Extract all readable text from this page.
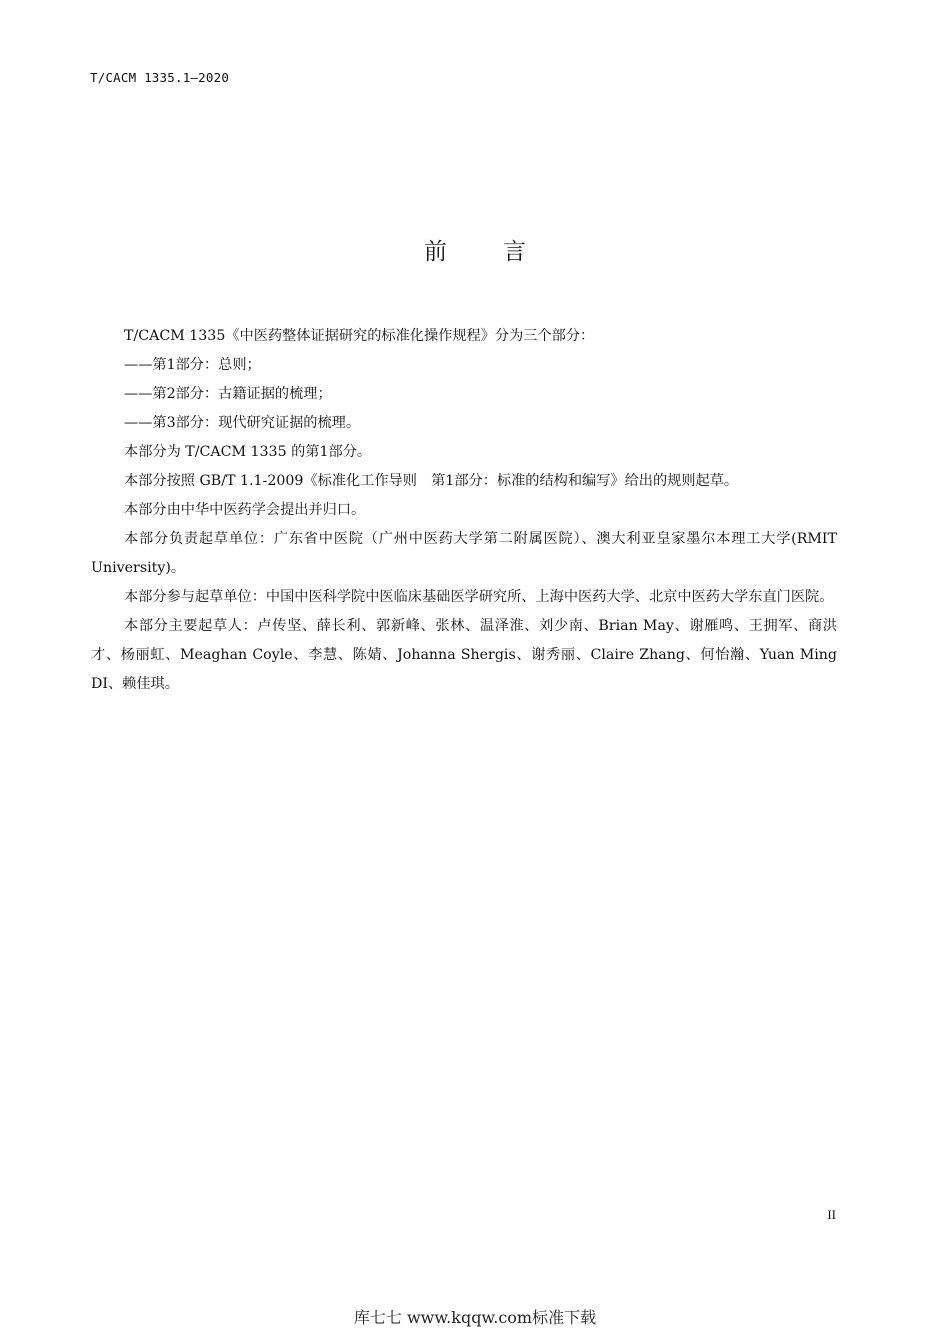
T/CACM 1335.1—2020
前言

T/CACM 1335《中医药整体证据研究的标准化操作规程》分为三个部分：

——第1部分：总则；

——第2部分：古籍证据的梳理；

——第3部分：现代研究证据的梳理。

本部分为 T/CACM 1335 的第1部分。

本部分按照 GB/T 1.1-2009《标准化工作导则　第1部分：标准的结构和编写》给出的规则起草。

本部分由中华中医药学会提出并归口。

本部分负责起草单位：广东省中医院（广州中医药大学第二附属医院）、澳大利亚皇家墨尔本理工大学(RMIT University)。

本部分参与起草单位：中国中医科学院中医临床基础医学研究所、上海中医药大学、北京中医药大学东直门医院。

本部分主要起草人：卢传坚、薛长利、郭新峰、张林、温泽淮、刘少南、Brian May、谢雁鸣、王拥军、商洪才、杨丽虹、Meaghan Coyle、李慧、陈婧、Johanna Shergis、谢秀丽、Claire Zhang、何怡瀚、Yuan Ming DI、赖佳琪。

II
库七七 www.kqqw.com标准下载
